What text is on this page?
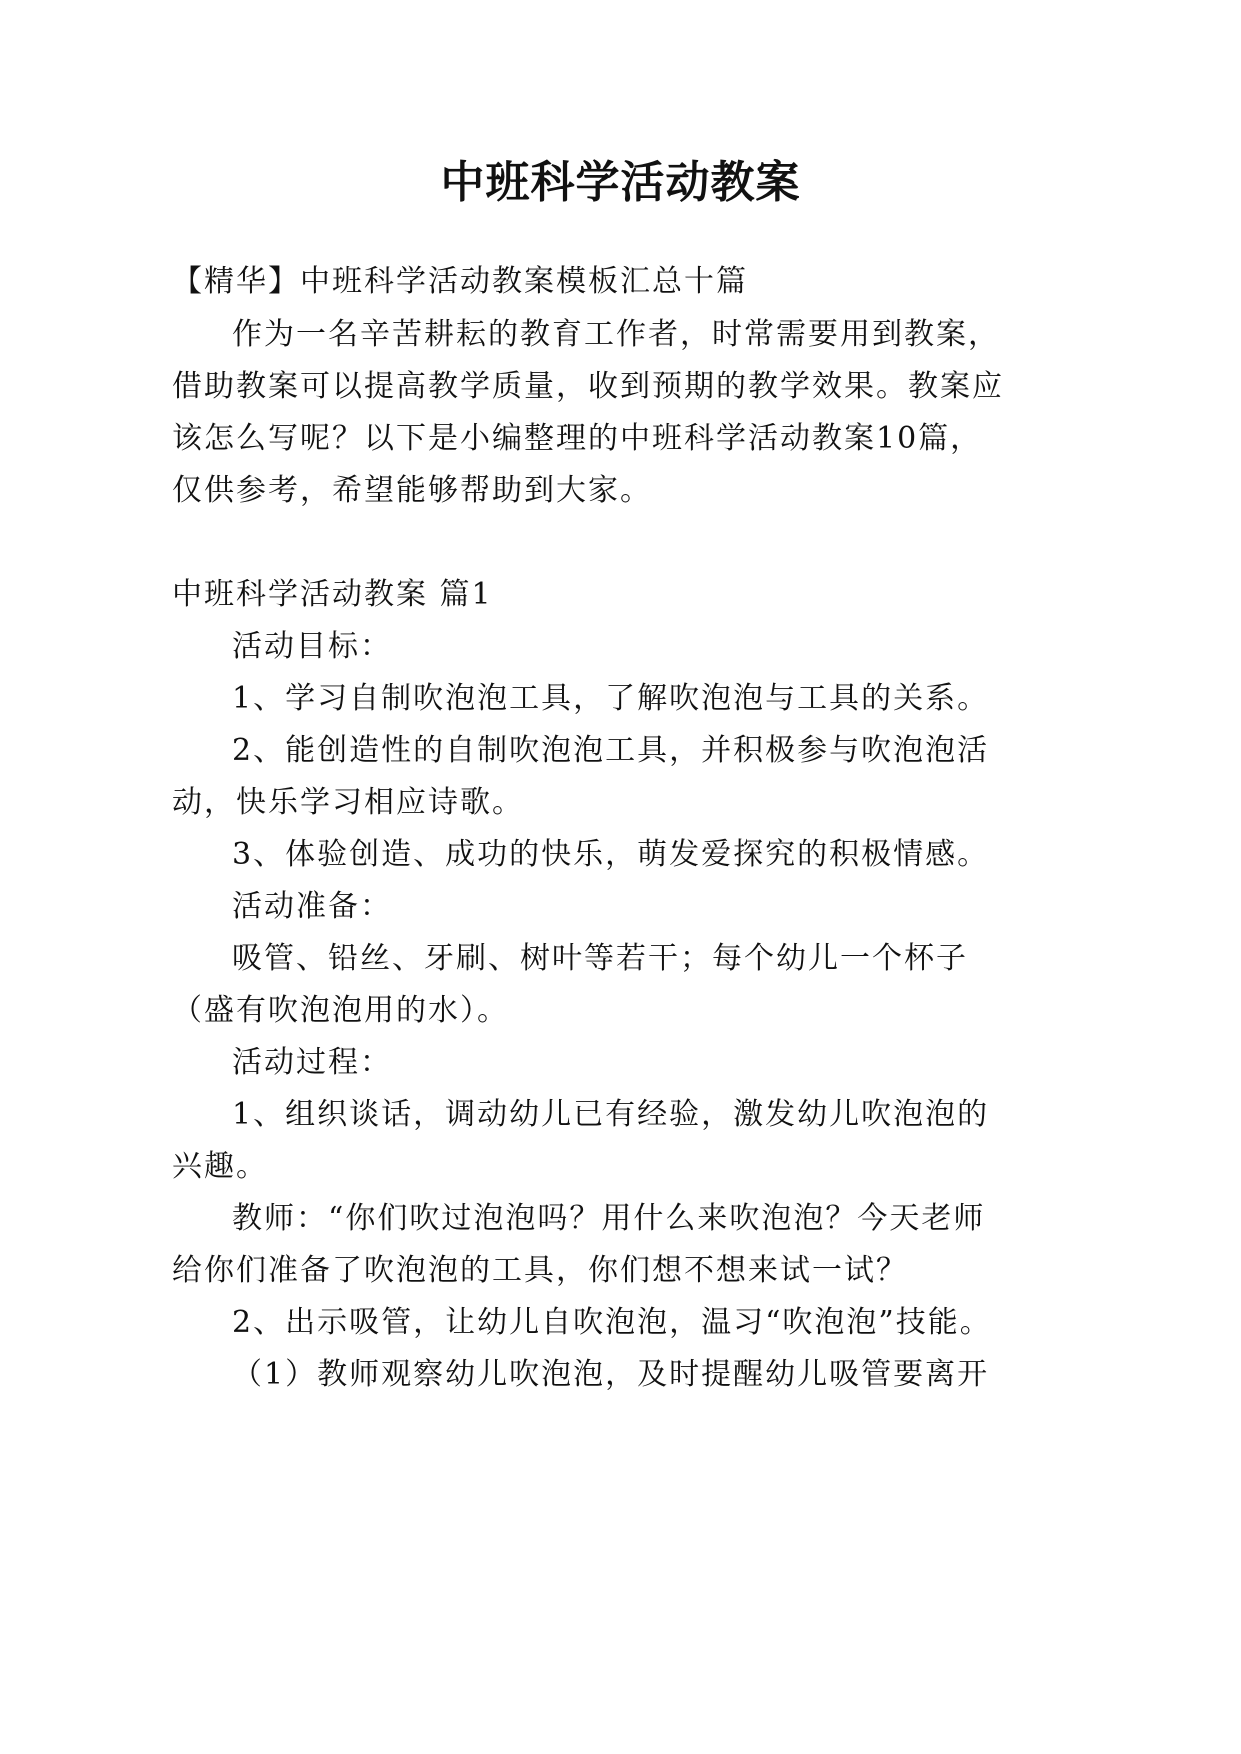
中班科学活动教案
【精华】中班科学活动教案模板汇总十篇
作为一名辛苦耕耘的教育工作者，时常需要用到教案，
借助教案可以提高教学质量，收到预期的教学效果。教案应
该怎么写呢？以下是小编整理的中班科学活动教案10篇，
仅供参考，希望能够帮助到大家。
中班科学活动教案 篇1
活动目标：
1、学习自制吹泡泡工具，了解吹泡泡与工具的关系。
2、能创造性的自制吹泡泡工具，并积极参与吹泡泡活
动，快乐学习相应诗歌。
3、体验创造、成功的快乐，萌发爱探究的积极情感。
活动准备：
吸管、铅丝、牙刷、树叶等若干；每个幼儿一个杯子
（盛有吹泡泡用的水）。
活动过程：
1、组织谈话，调动幼儿已有经验，激发幼儿吹泡泡的
兴趣。
教师：“你们吹过泡泡吗？用什么来吹泡泡？今天老师
给你们准备了吹泡泡的工具，你们想不想来试一试？
2、出示吸管，让幼儿自吹泡泡，温习“吹泡泡”技能。
（1）教师观察幼儿吹泡泡，及时提醒幼儿吸管要离开
